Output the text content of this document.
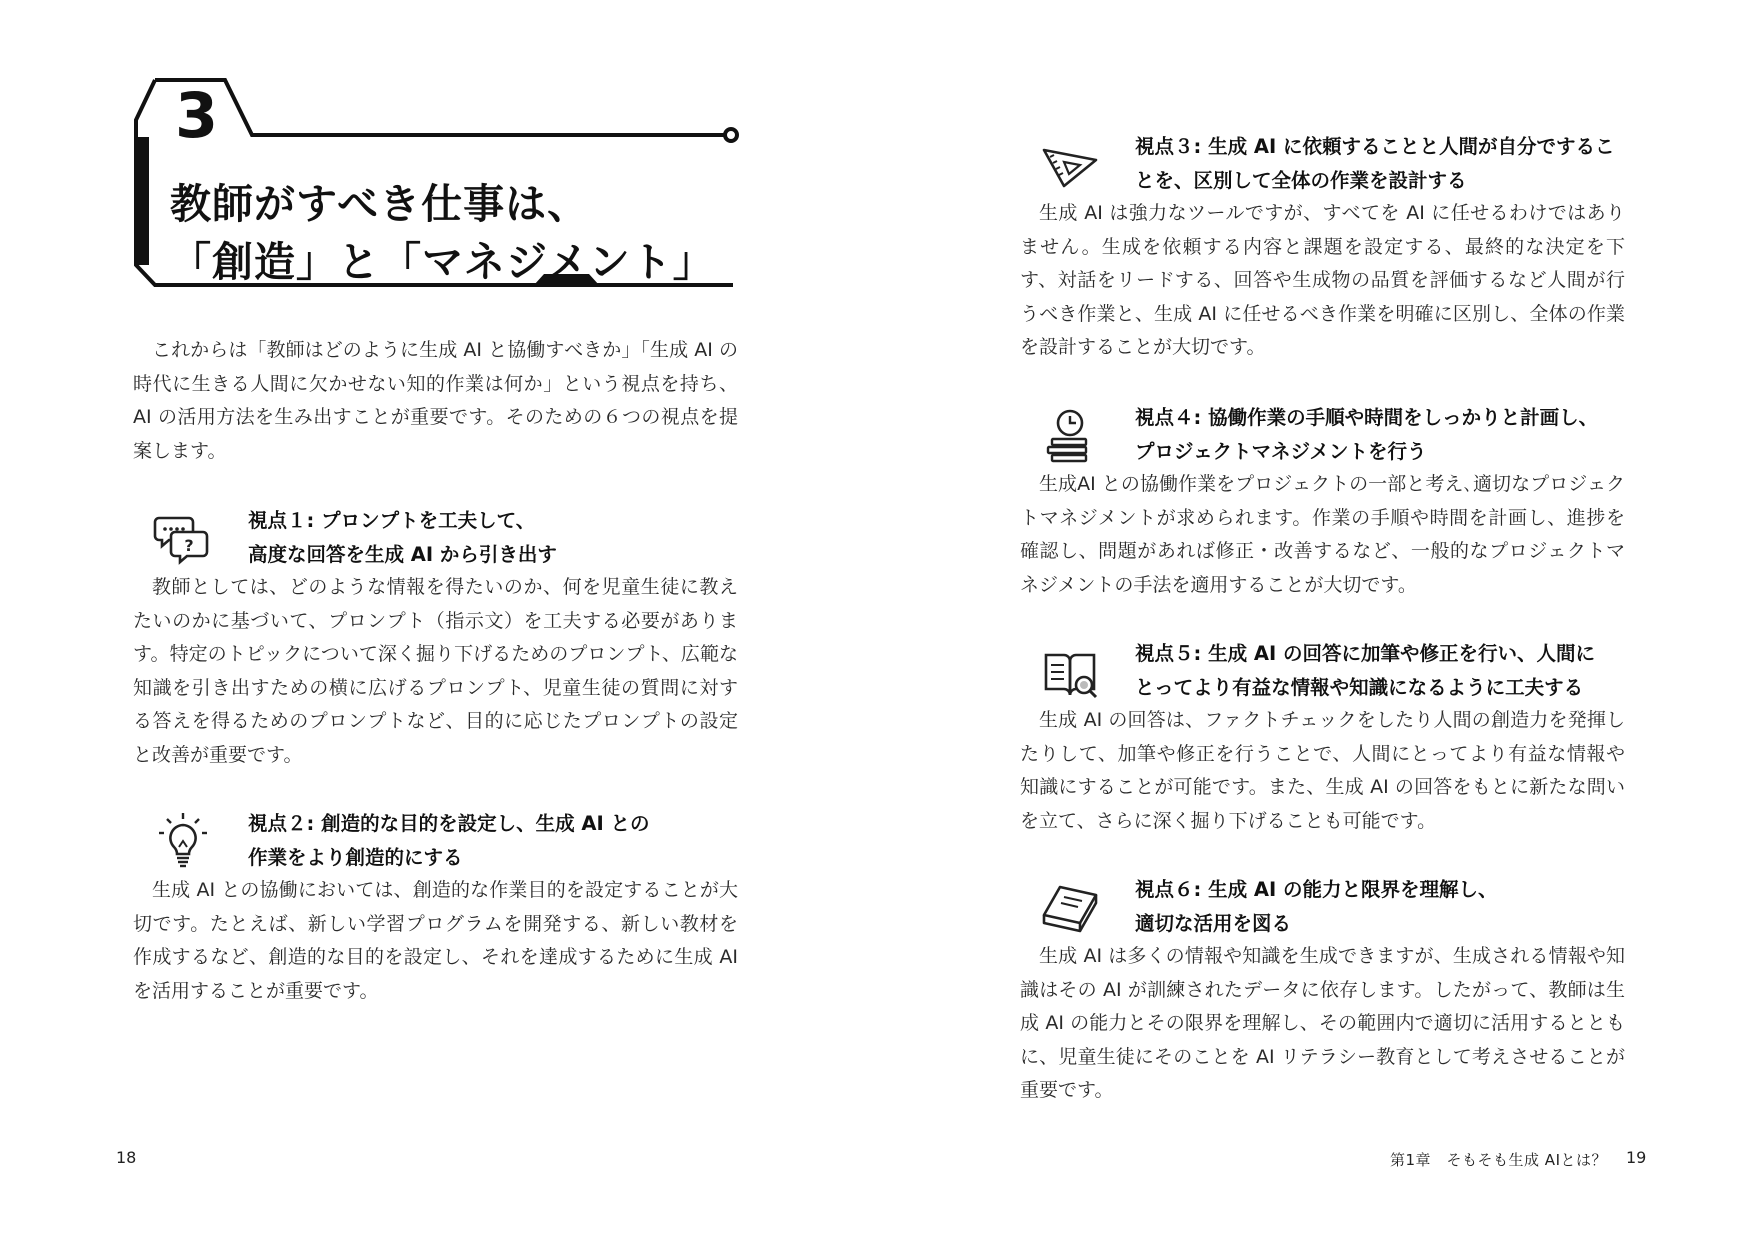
3
教師がすべき仕事は、
「創造」と「マネジメント」

これからは「教師はどのように生成 AI と協働すべきか」「生成 AI の時代に生きる人間に欠かせない知的作業は何か」という視点を持ち、AI の活用方法を生み出すことが重要です。そのための６つの視点を提案します。

?

視点１: プロンプトを工夫して、
高度な回答を生成 AI から引き出す

教師としては、どのような情報を得たいのか、何を児童生徒に教えたいのかに基づいて、プロンプト（指示文）を工夫する必要があります。特定のトピックについて深く掘り下げるためのプロンプト、広範な知識を引き出すための横に広げるプロンプト、児童生徒の質問に対する答えを得るためのプロンプトなど、目的に応じたプロンプトの設定と改善が重要です。

視点２: 創造的な目的を設定し、生成 AI との
作業をより創造的にする

生成 AI との協働においては、創造的な作業目的を設定することが大切です。たとえば、新しい学習プログラムを開発する、新しい教材を作成するなど、創造的な目的を設定し、それを達成するために生成 AI を活用することが重要です。

18

視点３: 生成 AI に依頼することと人間が自分でするこ
とを、区別して全体の作業を設計する

生成 AI は強力なツールですが、すべてを AI に任せるわけではありません。生成を依頼する内容と課題を設定する、最終的な決定を下す、対話をリードする、回答や生成物の品質を評価するなど人間が行うべき作業と、生成 AI に任せるべき作業を明確に区別し、全体の作業を設計することが大切です。

視点４: 協働作業の手順や時間をしっかりと計画し、
プロジェクトマネジメントを行う

生成AI との協働作業をプロジェクトの一部と考え､適切なプロジェクトマネジメントが求められます。作業の手順や時間を計画し、進捗を確認し、問題があれば修正・改善するなど、一般的なプロジェクトマネジメントの手法を適用することが大切です。

視点５: 生成 AI の回答に加筆や修正を行い、人間に
とってより有益な情報や知識になるように工夫する

生成 AI の回答は、ファクトチェックをしたり人間の創造力を発揮したりして、加筆や修正を行うことで、人間にとってより有益な情報や知識にすることが可能です。また、生成 AI の回答をもとに新たな問いを立て、さらに深く掘り下げることも可能です。

視点６: 生成 AI の能力と限界を理解し、
適切な活用を図る

生成 AI は多くの情報や知識を生成できますが、生成される情報や知識はその AI が訓練されたデータに依存します。したがって、教師は生成 AI の能力とその限界を理解し、その範囲内で適切に活用するとともに、児童生徒にそのことを AI リテラシー教育として考えさせることが重要です。

第1章　そもそも生成 AIとは？ 19
